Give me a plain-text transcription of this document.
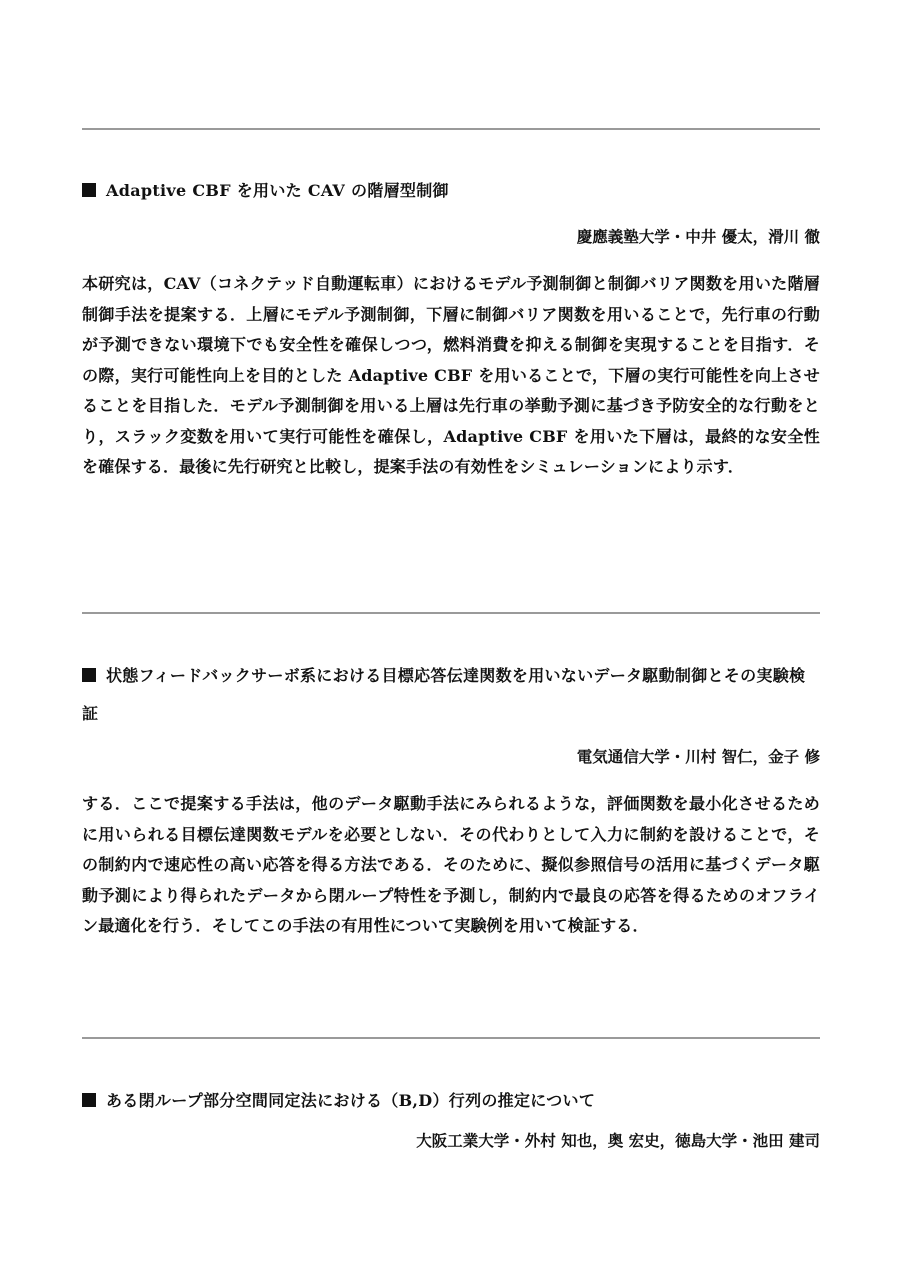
Adaptive CBF を用いた CAV の階層型制御

慶應義塾大学・中井 優太，滑川 徹

本研究は，CAV（コネクテッド自動運転車）におけるモデル予測制御と制御バリア関数を用いた階層制御手法を提案する．上層にモデル予測制御，下層に制御バリア関数を用いることで，先行車の行動が予測できない環境下でも安全性を確保しつつ，燃料消費を抑える制御を実現することを目指す．その際，実行可能性向上を目的とした Adaptive CBF を用いることで，下層の実行可能性を向上させることを目指した．モデル予測制御を用いる上層は先行車の挙動予測に基づき予防安全的な行動をとり，スラック変数を用いて実行可能性を確保し，Adaptive CBF を用いた下層は，最終的な安全性を確保する．最後に先行研究と比較し，提案手法の有効性をシミュレーションにより示す．

状態フィードバックサーボ系における目標応答伝達関数を用いないデータ駆動制御とその実験検証

電気通信大学・川村 智仁，金子 修

する．ここで提案する手法は，他のデータ駆動手法にみられるような，評価関数を最小化させるために用いられる目標伝達関数モデルを必要としない．その代わりとして入力に制約を設けることで，その制約内で速応性の高い応答を得る方法である．そのために、擬似参照信号の活用に基づくデータ駆動予測により得られたデータから閉ループ特性を予測し，制約内で最良の応答を得るためのオフライン最適化を行う．そしてこの手法の有用性について実験例を用いて検証する．

ある閉ループ部分空間同定法における（B,D）行列の推定について

大阪工業大学・外村 知也，奥 宏史，徳島大学・池田 建司
